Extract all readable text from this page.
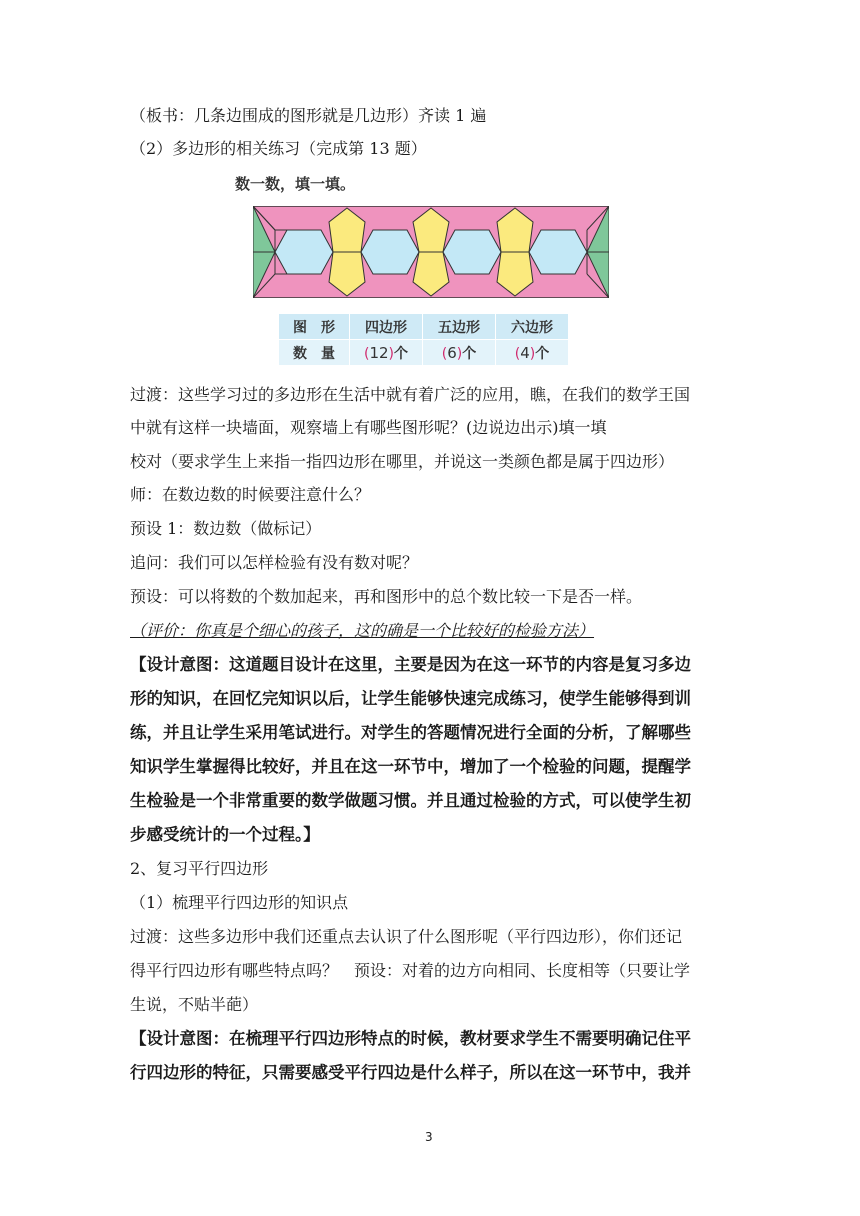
（板书：几条边围成的图形就是几边形）齐读 1 遍
（2）多边形的相关练习（完成第 13 题）
数一数，填一填。
图　形	四边形	五边形	六边形
数　量	(12)个	(6)个	(4)个
过渡：这些学习过的多边形在生活中就有着广泛的应用，瞧，在我们的数学王国
中就有这样一块墙面，观察墙上有哪些图形呢？(边说边出示)填一填
校对（要求学生上来指一指四边形在哪里，并说这一类颜色都是属于四边形）
师：在数边数的时候要注意什么？
预设 1：数边数（做标记）
追问：我们可以怎样检验有没有数对呢？
预设：可以将数的个数加起来，再和图形中的总个数比较一下是否一样。
（评价：你真是个细心的孩子，这的确是一个比较好的检验方法）
【设计意图：这道题目设计在这里，主要是因为在这一环节的内容是复习多边
形的知识，在回忆完知识以后，让学生能够快速完成练习，使学生能够得到训
练，并且让学生采用笔试进行。对学生的答题情况进行全面的分析，了解哪些
知识学生掌握得比较好，并且在这一环节中，增加了一个检验的问题，提醒学
生检验是一个非常重要的数学做题习惯。并且通过检验的方式，可以使学生初
步感受统计的一个过程。】
2、复习平行四边形
（1）梳理平行四边形的知识点
过渡：这些多边形中我们还重点去认识了什么图形呢（平行四边形），你们还记
得平行四边形有哪些特点吗？　预设：对着的边方向相同、长度相等（只要让学
生说，不贴半葩）
【设计意图：在梳理平行四边形特点的时候，教材要求学生不需要明确记住平
行四边形的特征，只需要感受平行四边是什么样子，所以在这一环节中，我并
3
